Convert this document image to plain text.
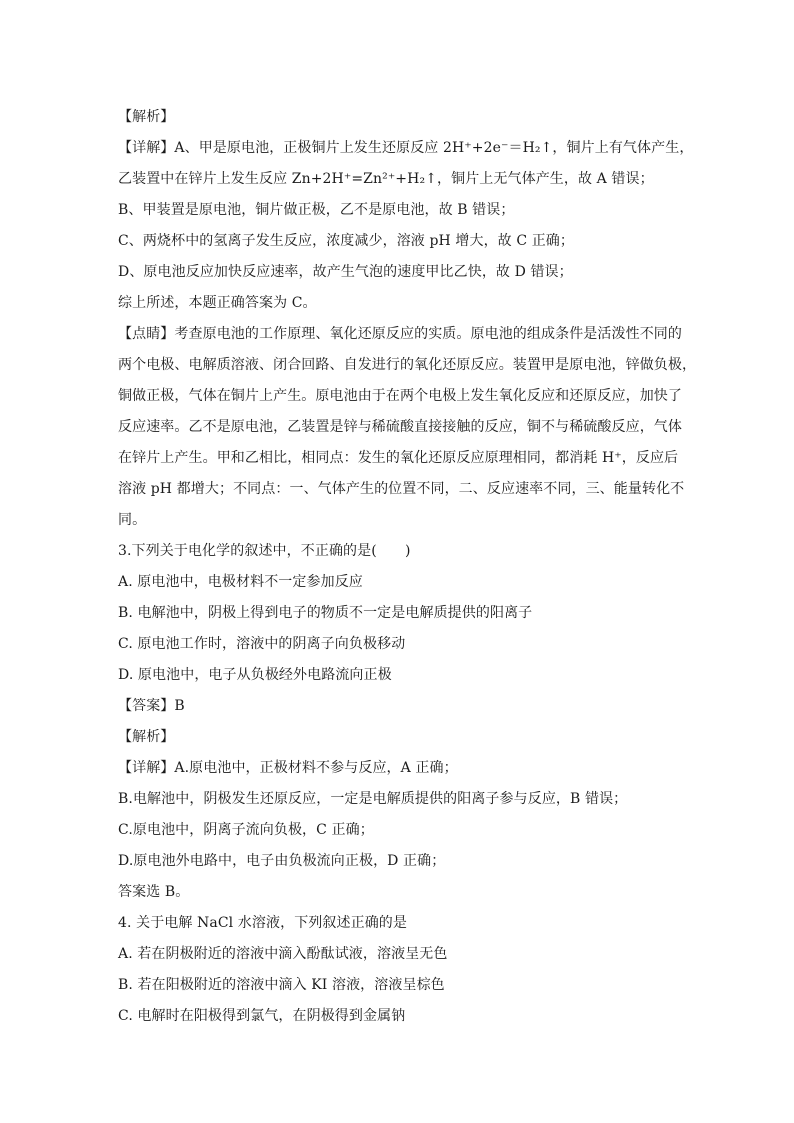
【解析】
【详解】A、甲是原电池，正极铜片上发生还原反应 2H⁺+2e⁻＝H₂↑，铜片上有气体产生，
乙装置中在锌片上发生反应 Zn+2H⁺=Zn²⁺+H₂↑，铜片上无气体产生，故 A 错误；
B、甲装置是原电池，铜片做正极，乙不是原电池，故 B 错误；
C、两烧杯中的氢离子发生反应，浓度减少，溶液 pH 增大，故 C 正确；
D、原电池反应加快反应速率，故产生气泡的速度甲比乙快，故 D 错误；
综上所述，本题正确答案为 C。
【点睛】考查原电池的工作原理、氧化还原反应的实质。原电池的组成条件是活泼性不同的
两个电极、电解质溶液、闭合回路、自发进行的氧化还原反应。装置甲是原电池，锌做负极，
铜做正极，气体在铜片上产生。原电池由于在两个电极上发生氧化反应和还原反应，加快了
反应速率。乙不是原电池，乙装置是锌与稀硫酸直接接触的反应，铜不与稀硫酸反应，气体
在锌片上产生。甲和乙相比，相同点：发生的氧化还原反应原理相同，都消耗 H⁺，反应后
溶液 pH 都增大；不同点：一、气体产生的位置不同，二、反应速率不同，三、能量转化不
同。
3.下列关于电化学的叙述中，不正确的是(　　)
A. 原电池中，电极材料不一定参加反应
B. 电解池中，阴极上得到电子的物质不一定是电解质提供的阳离子
C. 原电池工作时，溶液中的阴离子向负极移动
D. 原电池中，电子从负极经外电路流向正极
【答案】B
【解析】
【详解】A.原电池中，正极材料不参与反应，A 正确；
B.电解池中，阴极发生还原反应，一定是电解质提供的阳离子参与反应，B 错误；
C.原电池中，阴离子流向负极，C 正确；
D.原电池外电路中，电子由负极流向正极，D 正确；
答案选 B。
4. 关于电解 NaCl 水溶液，下列叙述正确的是
A. 若在阴极附近的溶液中滴入酚酞试液，溶液呈无色
B. 若在阳极附近的溶液中滴入 KI 溶液，溶液呈棕色
C. 电解时在阳极得到氯气，在阴极得到金属钠
